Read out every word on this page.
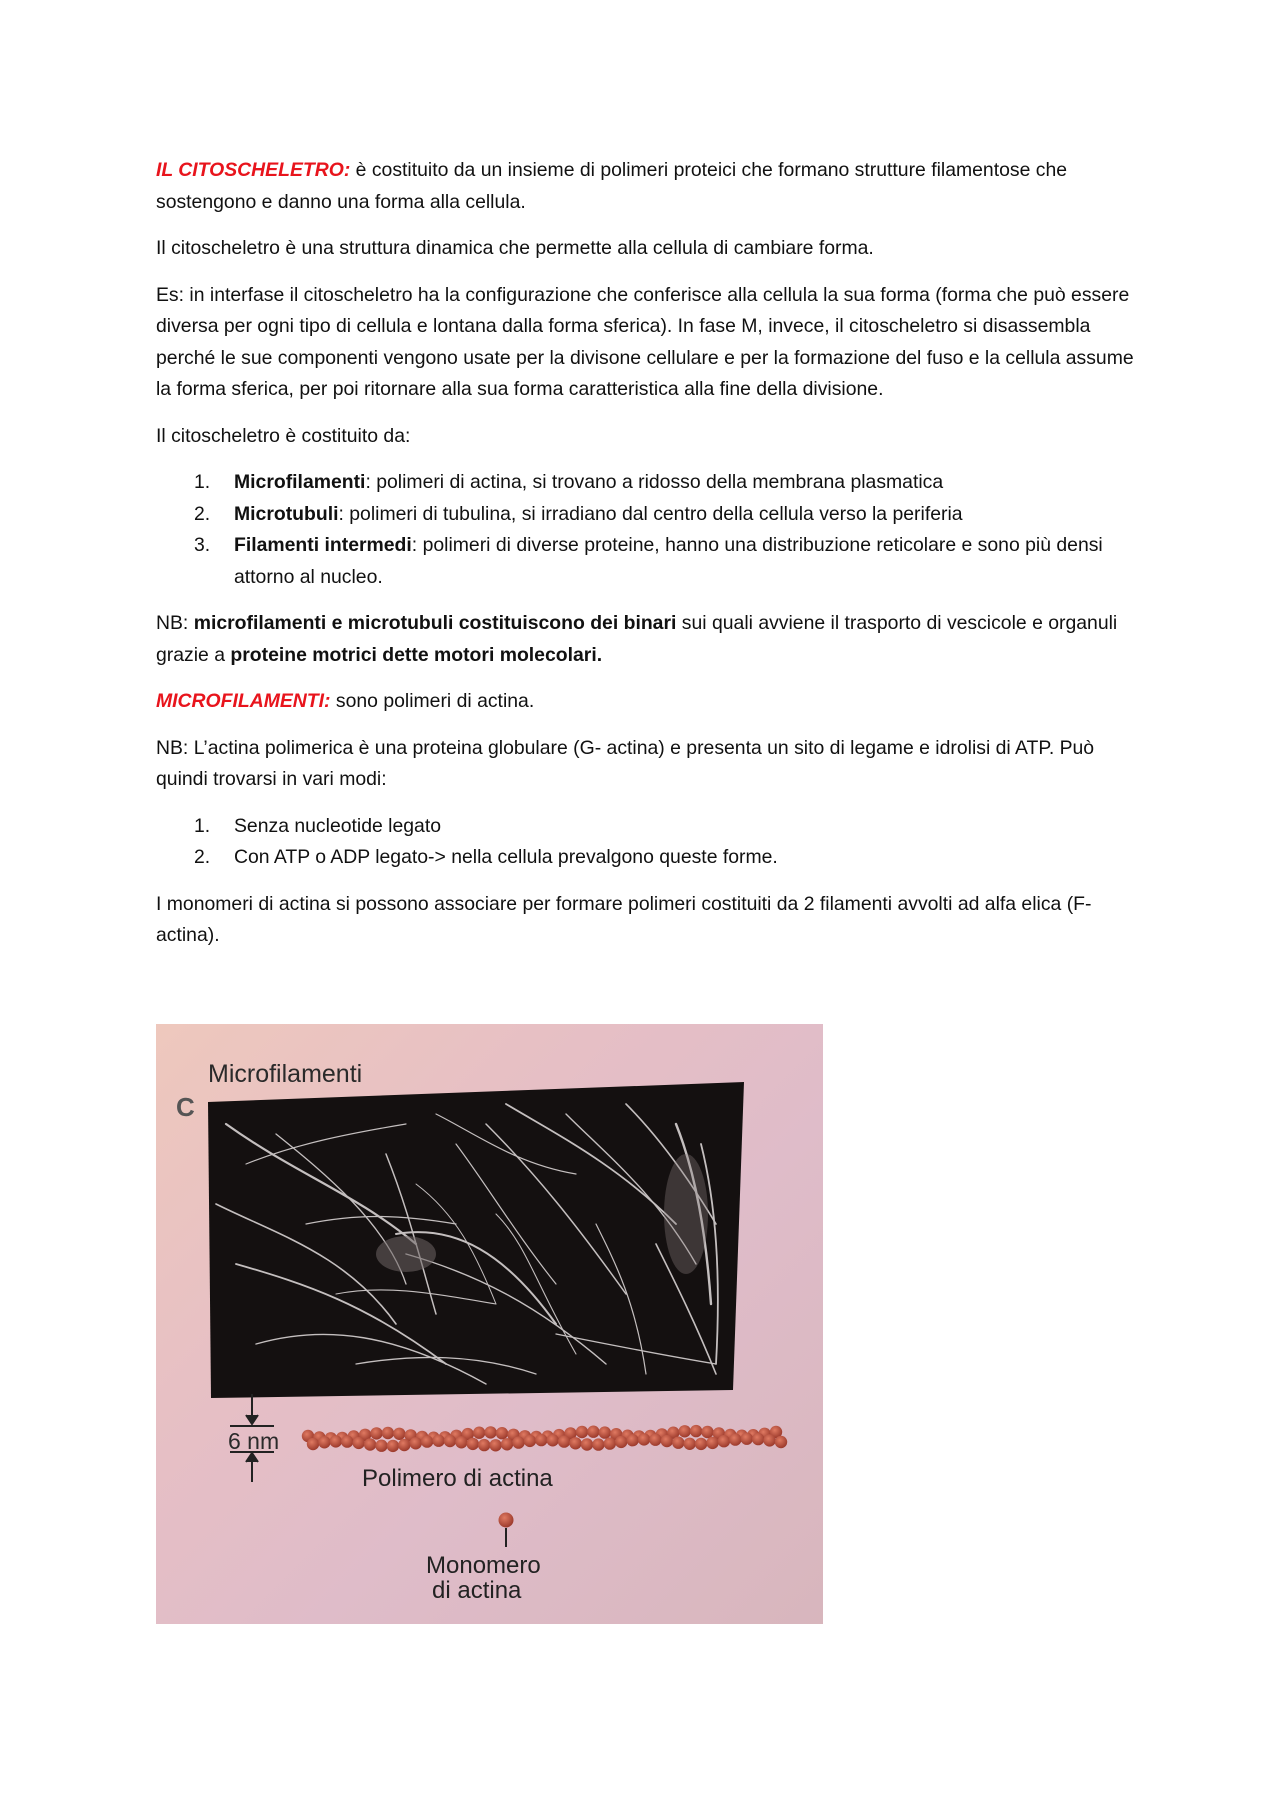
IL CITOSCHELETRO: è costituito da un insieme di polimeri proteici che formano strutture filamentose che sostengono e danno una forma alla cellula.

Il citoscheletro è una struttura dinamica che permette alla cellula di cambiare forma.

Es: in interfase il citoscheletro ha la configurazione che conferisce alla cellula la sua forma (forma che può essere diversa per ogni tipo di cellula e lontana dalla forma sferica). In fase M, invece, il citoscheletro si disassembla perché le sue componenti vengono usate per la divisone cellulare e per la formazione del fuso e la cellula assume la forma sferica, per poi ritornare alla sua forma caratteristica alla fine della divisione.

Il citoscheletro è costituito da:

1. Microfilamenti: polimeri di actina, si trovano a ridosso della membrana plasmatica
2. Microtubuli: polimeri di tubulina, si irradiano dal centro della cellula verso la periferia
3. Filamenti intermedi: polimeri di diverse proteine, hanno una distribuzione reticolare e sono più densi attorno al nucleo.

NB: microfilamenti e microtubuli costituiscono dei binari sui quali avviene il trasporto di vescicole e organuli grazie a proteine motrici dette motori molecolari.

MICROFILAMENTI: sono polimeri di actina.

NB: L’actina polimerica è una proteina globulare (G- actina) e presenta un sito di legame e idrolisi di ATP. Può quindi trovarsi in vari modi:

1. Senza nucleotide legato
2. Con ATP o ADP legato-> nella cellula prevalgono queste forme.

I monomeri di actina si possono associare per formare polimeri costituiti da 2 filamenti avvolti ad alfa elica (F-actina).

Microfilamenti
C
6 nm
Polimero di actina
Monomero
di actina
